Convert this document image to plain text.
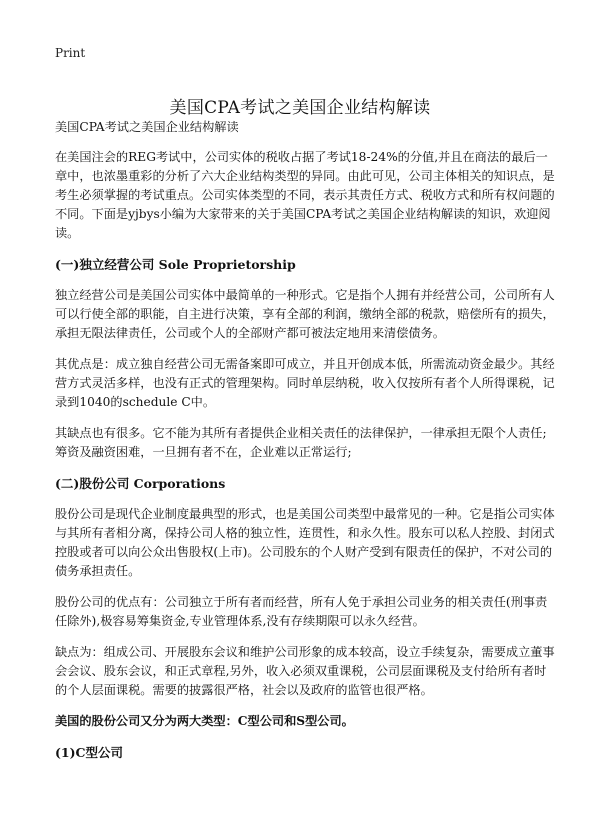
Print
美国CPA考试之美国企业结构解读

美国CPA考试之美国企业结构解读

在美国注会的REG考试中，公司实体的税收占据了考试18-24%的分值,并且在商法的最后一章中，也浓墨重彩的分析了六大企业结构类型的异同。由此可见，公司主体相关的知识点，是考生必须掌握的考试重点。公司实体类型的不同，表示其责任方式、税收方式和所有权问题的不同。下面是yjbys小编为大家带来的关于美国CPA考试之美国企业结构解读的知识，欢迎阅读。

(一)独立经营公司 Sole Proprietorship

独立经营公司是美国公司实体中最简单的一种形式。它是指个人拥有并经营公司，公司所有人可以行使全部的职能，自主进行决策，享有全部的利润，缴纳全部的税款，赔偿所有的损失，承担无限法律责任，公司或个人的全部财产都可被法定地用来清偿债务。

其优点是：成立独自经营公司无需备案即可成立，并且开创成本低，所需流动资金最少。其经营方式灵活多样，也没有正式的管理架构。同时单层纳税，收入仅按所有者个人所得课税，记录到1040的schedule C中。

其缺点也有很多。它不能为其所有者提供企业相关责任的法律保护，一律承担无限个人责任;筹资及融资困难，一旦拥有者不在，企业难以正常运行;

(二)股份公司 Corporations

股份公司是现代企业制度最典型的形式，也是美国公司类型中最常见的一种。它是指公司实体与其所有者相分离，保持公司人格的独立性，连贯性，和永久性。股东可以私人控股、封闭式控股或者可以向公众出售股权(上市)。公司股东的个人财产受到有限责任的保护，不对公司的债务承担责任。

股份公司的优点有：公司独立于所有者而经营，所有人免于承担公司业务的相关责任(刑事责任除外),极容易筹集资金,专业管理体系,没有存续期限可以永久经营。

缺点为：组成公司、开展股东会议和维护公司形象的成本较高，设立手续复杂，需要成立董事会会议、股东会议，和正式章程,另外，收入必须双重课税，公司层面课税及支付给所有者时的个人层面课税。需要的披露很严格，社会以及政府的监管也很严格。

美国的股份公司又分为两大类型：C型公司和S型公司。

(1)C型公司
